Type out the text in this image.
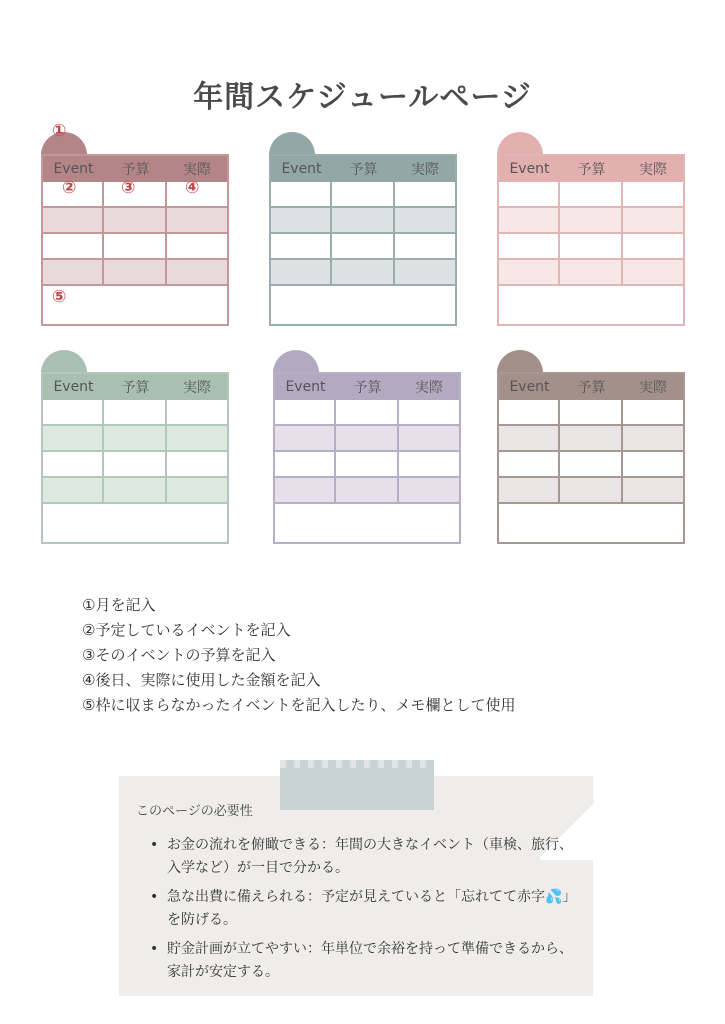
年間スケジュールページ
Event	予算	実際	Event	予算	実際	Event	予算	実際
Event	予算	実際	Event	予算	実際	Event	予算	実際
①
②	③	④
⑤
①月を記入
②予定しているイベントを記入
③そのイベントの予算を記入
④後日、実際に使用した金額を記入
⑤枠に収まらなかったイベントを記入したり、メモ欄として使用
このページの必要性
• お金の流れを俯瞰できる：年間の大きなイベント（車検、旅行、入学など）が一目で分かる。
• 急な出費に備えられる：予定が見えていると「忘れてて赤字💦」を防げる。
• 貯金計画が立てやすい：年単位で余裕を持って準備できるから、家計が安定する。
